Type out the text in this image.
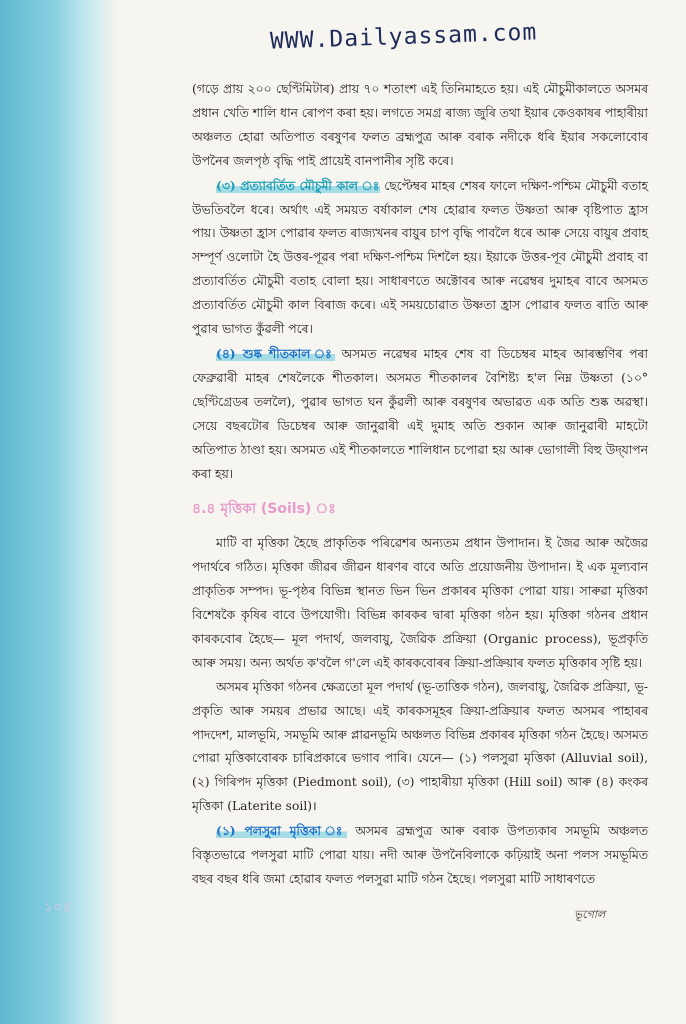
১০৪
WWW.Dailyassam.com

(গড়ে প্ৰায় ২০০ ছেণ্টিমিটাৰ) প্ৰায় ৭০ শতাংশ এই তিনিমাহতে হয়। এই মৌচুমীকালতে অসমৰ প্ৰধান খেতি শালি ধান ৰোপণ কৰা হয়। লগতে সমগ্ৰ ৰাজ্য জুৰি তথা ইয়াৰ কেওকাষৰ পাহাৰীয়া অঞ্চলত হোৱা অতিপাত বৰষুণৰ ফলত ব্ৰহ্মপুত্ৰ আৰু বৰাক নদীকে ধৰি ইয়াৰ সকলোবোৰ উপনৈৰ জলপৃষ্ঠ বৃদ্ধি পাই প্ৰায়েই বানপানীৰ সৃষ্টি কৰে।

(৩) প্ৰত্যাবৰ্তিত মৌচুমী কাল ঃ ছেপ্টেম্বৰ মাহৰ শেষৰ ফালে দক্ষিণ-পশ্চিম মৌচুমী বতাহ উভতিবলৈ ধৰে। অৰ্থাৎ এই সময়ত বৰ্ষাকাল শেষ হোৱাৰ ফলত উষ্ণতা আৰু বৃষ্টিপাত হ্ৰাস পায়। উষ্ণতা হ্ৰাস পোৱাৰ ফলত ৰাজ্যখনৰ বায়ুৰ চাপ বৃদ্ধি পাবলৈ ধৰে আৰু সেয়ে বায়ুৰ প্ৰবাহ সম্পূৰ্ণ ওলোটা হৈ উত্তৰ-পূৱৰ পৰা দক্ষিণ-পশ্চিম দিশলৈ হয়। ইয়াকে উত্তৰ-পূব মৌচুমী প্ৰবাহ বা প্ৰত্যাবৰ্তিত মৌচুমী বতাহ বোলা হয়। সাধাৰণতে অক্টোবৰ আৰু নৱেম্বৰ দুমাহৰ বাবে অসমত প্ৰত্যাবৰ্তিত মৌচুমী কাল বিৰাজ কৰে। এই সময়চোৱাত উষ্ণতা হ্ৰাস পোৱাৰ ফলত ৰাতি আৰু পুৱাৰ ভাগত কুঁৱলী পৰে।

(৪) শুষ্ক শীতকাল ঃ অসমত নৱেম্বৰ মাহৰ শেষ বা ডিচেম্বৰ মাহৰ আৰম্ভণিৰ পৰা ফেব্ৰুৱাৰী মাহৰ শেষলৈকে শীতকাল। অসমত শীতকালৰ বৈশিষ্ট্য হ'ল নিম্ন উষ্ণতা (১০° ছেণ্টিগ্ৰেডৰ তললৈ), পুৱাৰ ভাগত ঘন কুঁৱলী আৰু বৰষুণৰ অভাৱত এক অতি শুষ্ক অৱস্থা। সেয়ে বছৰটোৰ ডিচেম্বৰ আৰু জানুৱাৰী এই দুমাহ অতি শুকান আৰু জানুৱাৰী মাহটো অতিপাত ঠাণ্ডা হয়। অসমত এই শীতকালতে শালিধান চপোৱা হয় আৰু ভোগালী বিহু উদ্‌যাপন কৰা হয়।

৪.৪ মৃত্তিকা (Soils) ঃ

মাটি বা মৃত্তিকা হৈছে প্ৰাকৃতিক পৰিৱেশৰ অন্যতম প্ৰধান উপাদান। ই জৈৱ আৰু অজৈৱ পদাৰ্থৰে গঠিত। মৃত্তিকা জীৱৰ জীৱন ধাৰণৰ বাবে অতি প্ৰয়োজনীয় উপাদান। ই এক মূল্যবান প্ৰাকৃতিক সম্পদ। ভূ-পৃষ্ঠৰ বিভিন্ন স্থানত ভিন ভিন প্ৰকাৰৰ মৃত্তিকা পোৱা যায়। সাৰুৱা মৃত্তিকা বিশেষকৈ কৃষিৰ বাবে উপযোগী। বিভিন্ন কাৰকৰ দ্বাৰা মৃত্তিকা গঠন হয়। মৃত্তিকা গঠনৰ প্ৰধান কাৰকবোৰ হৈছে— মূল পদাৰ্থ, জলবায়ু, জৈৱিক প্ৰক্ৰিয়া (Organic process), ভূপ্ৰকৃতি আৰু সময়। অন্য অৰ্থত ক'বলৈ গ'লে এই কাৰকবোৰৰ ক্ৰিয়া-প্ৰক্ৰিয়াৰ ফলত মৃত্তিকাৰ সৃষ্টি হয়।

অসমৰ মৃত্তিকা গঠনৰ ক্ষেত্ৰতো মূল পদাৰ্থ (ভূ-তাত্তিক গঠন), জলবায়ু, জৈৱিক প্ৰক্ৰিয়া, ভূ-প্ৰকৃতি আৰু সময়ৰ প্ৰভাৱ আছে। এই কাৰকসমূহৰ ক্ৰিয়া-প্ৰক্ৰিয়াৰ ফলত অসমৰ পাহাৰৰ পাদদেশ, মালভূমি, সমভূমি আৰু প্লাৱনভূমি অঞ্চলত বিভিন্ন প্ৰকাৰৰ মৃত্তিকা গঠন হৈছে। অসমত পোৱা মৃত্তিকাবোৰক চাৰিপ্ৰকাৰে ভগাব পাৰি। যেনে— (১) পলসুৱা মৃত্তিকা (Alluvial soil), (২) গিৰিপদ মৃত্তিকা (Piedmont soil), (৩) পাহাৰীয়া মৃত্তিকা (Hill soil) আৰু (৪) কংকৰ মৃত্তিকা (Laterite soil)।

(১) পলসুৱা মৃত্তিকা ঃ অসমৰ ব্ৰহ্মপুত্ৰ আৰু বৰাক উপত্যকাৰ সমভূমি অঞ্চলত বিস্তৃতভাৱে পলসুৱা মাটি পোৱা যায়। নদী আৰু উপনৈবিলাকে কঢ়িয়াই অনা পলস সমভূমিত বছৰ বছৰ ধৰি জমা হোৱাৰ ফলত পলসুৱা মাটি গঠন হৈছে। পলসুৱা মাটি সাধাৰণতে

ভূগোল
